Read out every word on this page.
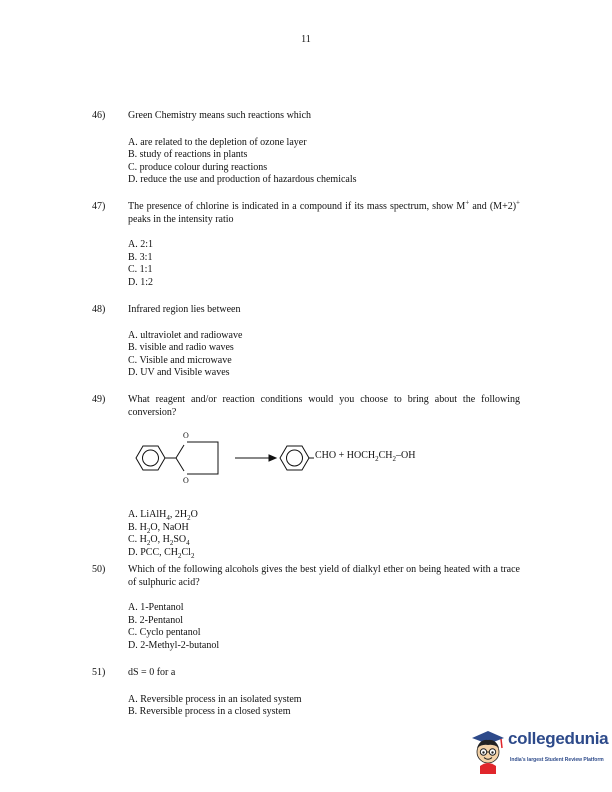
11
46)	Green Chemistry means such reactions which
A. are related to the depletion of ozone layer
B. study of reactions in plants
C. produce colour during reactions
D. reduce the use and production of hazardous chemicals
47)	The presence of chlorine is indicated in a compound if its mass spectrum, show M+ and (M+2)+ peaks in the intensity ratio
A. 2:1
B. 3:1
C. 1:1
D. 1:2
48)	Infrared region lies between
A. ultraviolet and radiowave
B. visible and radio waves
C. Visible and microwave
D. UV and Visible waves
49)	What reagent and/or reaction conditions would you choose to bring about the following conversion?
O
O
CHO + $HOCH_2CH_2-OH$
A. LiAlH$_4$, $2H_2O$
B. $H_2O$, NaOH
C. $H_2O$, $H_2SO_4$
D. PCC, $CH_2Cl_2$
50)	Which of the following alcohols gives the best yield of dialkyl ether on being heated with a trace of sulphuric acid?
A. 1-Pentanol
B. 2-Pentanol
C. Cyclo pentanol
D. 2-Methyl-2-butanol
51)	dS = 0 for a
A. Reversible process in an isolated system
B. Reversible process in a closed system
collegedunia
India's largest Student Review Platform
